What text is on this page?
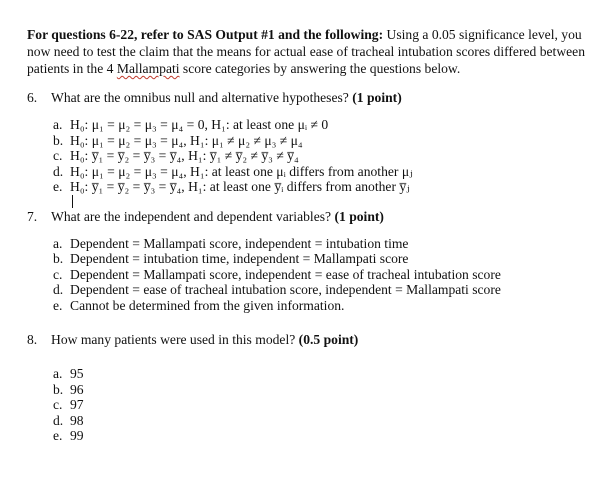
For questions 6-22, refer to SAS Output #1 and the following: Using a 0.05 significance level, you now need to test the claim that the means for actual ease of tracheal intubation scores differed between patients in the 4 Mallampati score categories by answering the questions below.

6.	What are the omnibus null and alternative hypotheses? (1 point)
a. H₀: μ₁ = μ₂ = μ₃ = μ₄ = 0, H₁: at least one μᵢ ≠ 0
b. H₀: μ₁ = μ₂ = μ₃ = μ₄, H₁: μ₁ ≠ μ₂ ≠ μ₃ ≠ μ₄
c. H₀: y̅₁ = y̅₂ = y̅₃ = y̅₄, H₁: y̅₁ ≠ y̅₂ ≠ y̅₃ ≠ y̅₄
d. H₀: μ₁ = μ₂ = μ₃ = μ₄, H₁: at least one μᵢ differs from another μⱼ
e. H₀: y̅₁ = y̅₂ = y̅₃ = y̅₄, H₁: at least one y̅ᵢ differs from another y̅ⱼ
7.	What are the independent and dependent variables? (1 point)
a. Dependent = Mallampati score, independent = intubation time
b. Dependent = intubation time, independent = Mallampati score
c. Dependent = Mallampati score, independent = ease of tracheal intubation score
d. Dependent = ease of tracheal intubation score, independent = Mallampati score
e. Cannot be determined from the given information.
8.	How many patients were used in this model? (0.5 point)
a. 95
b. 96
c. 97
d. 98
e. 99
